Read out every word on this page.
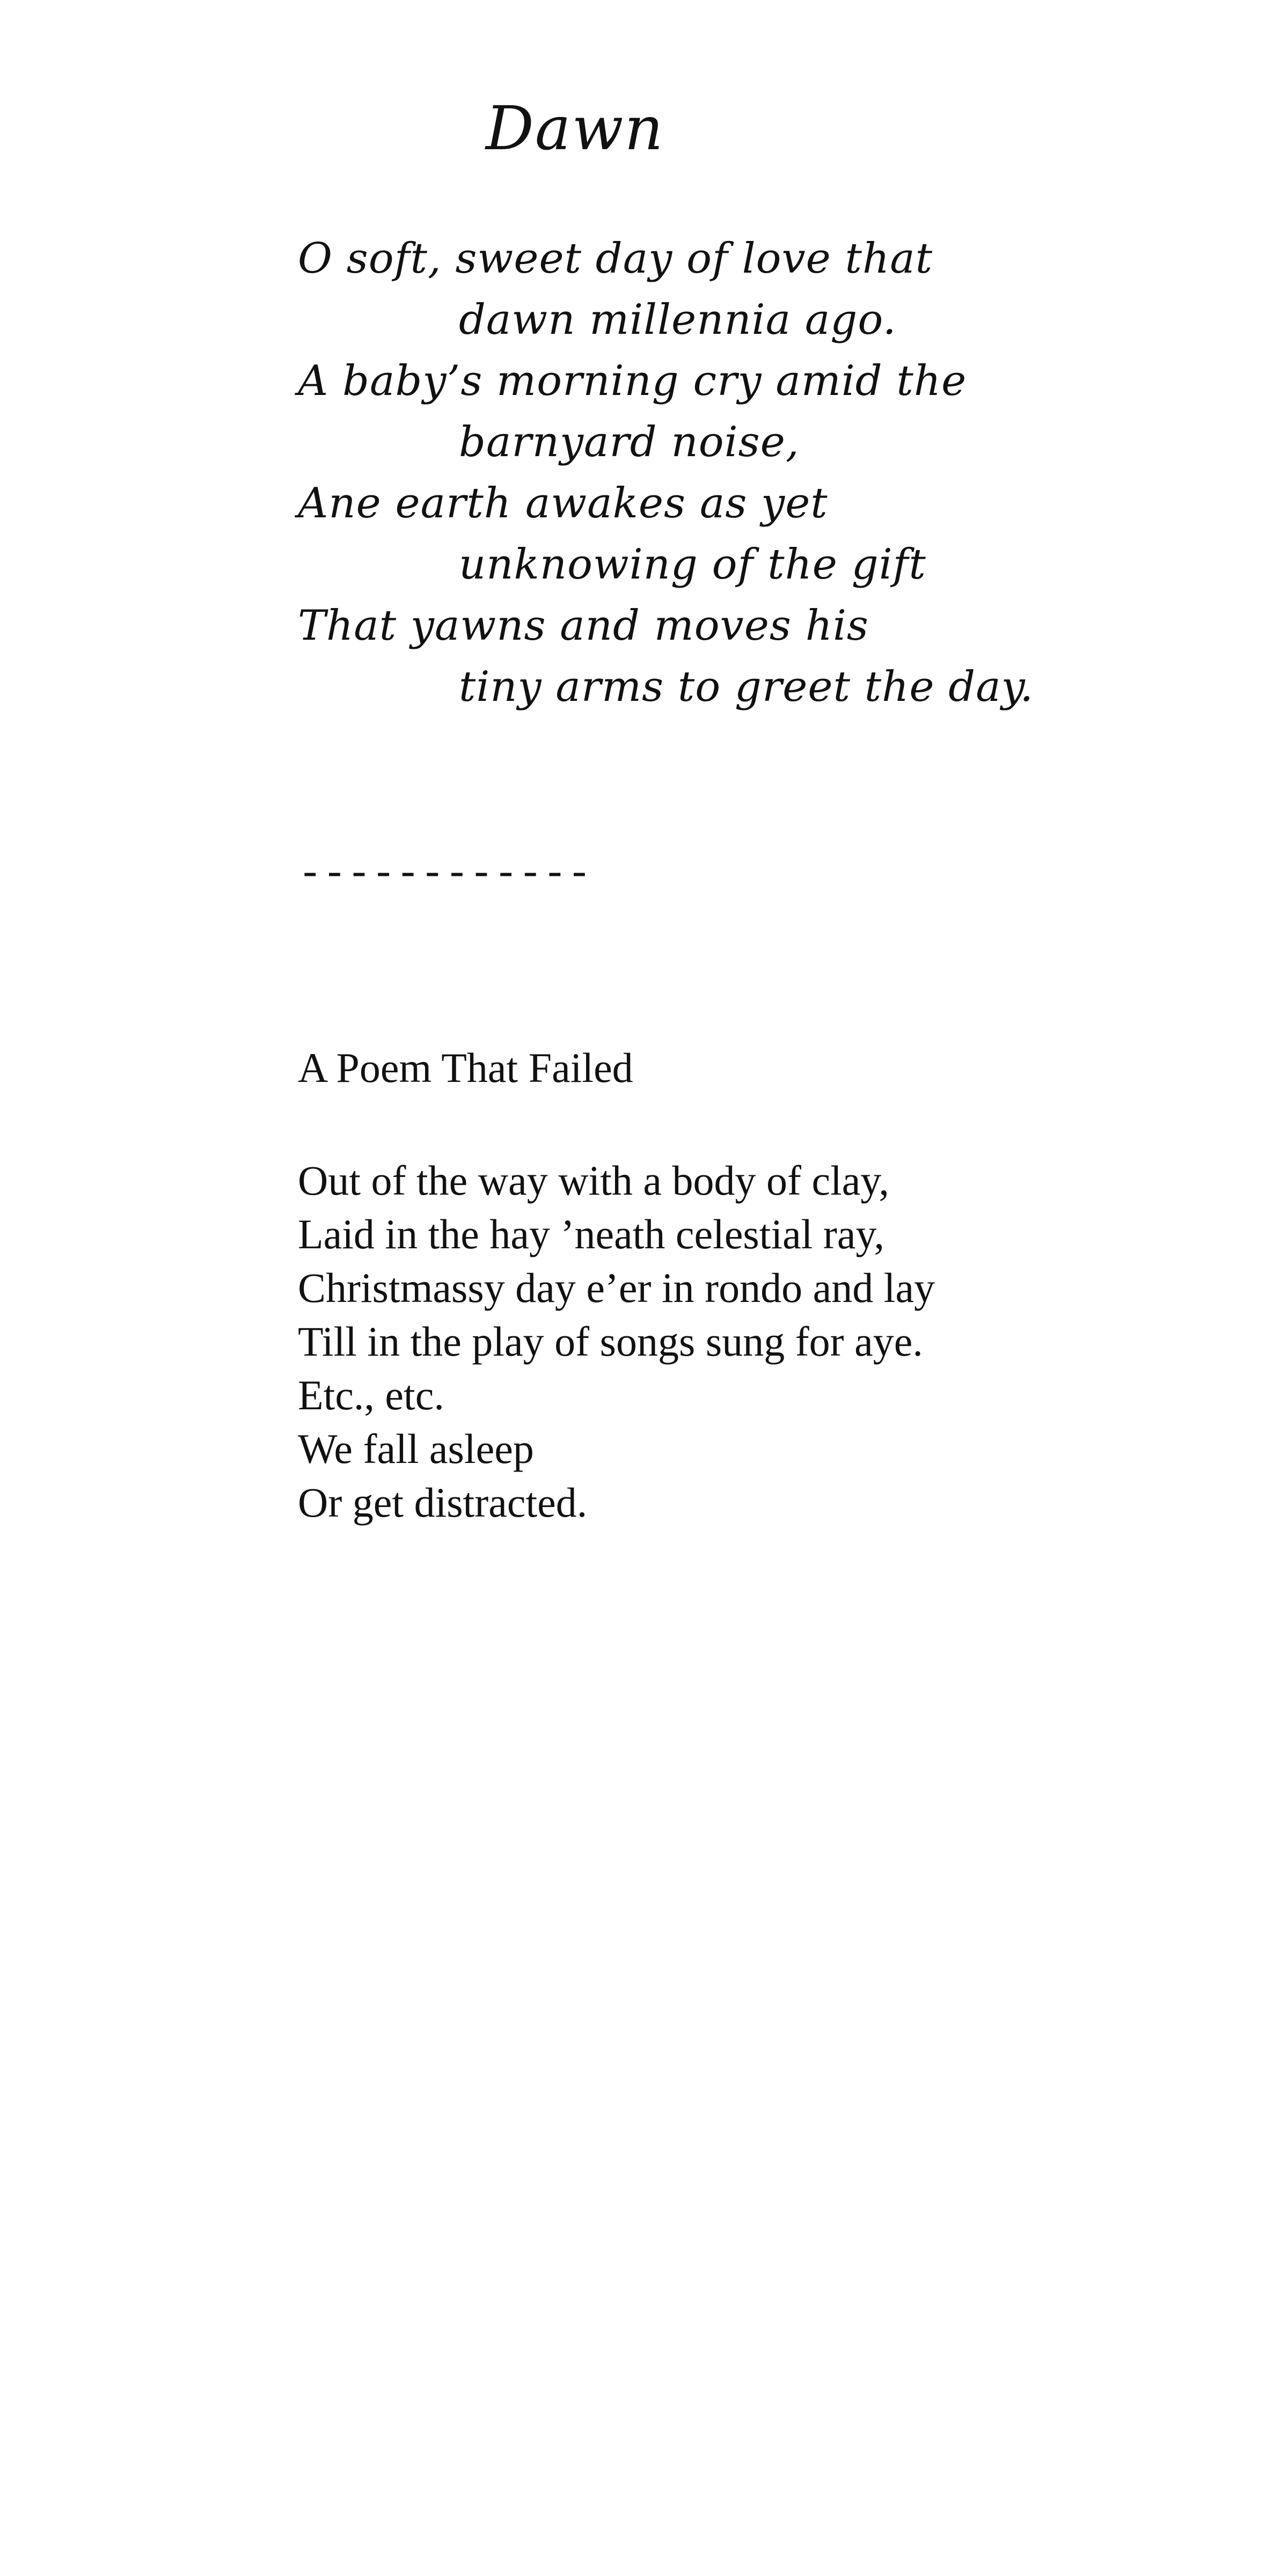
Dawn
O soft, sweet day of love that
dawn millennia ago.
A baby’s morning cry amid the
barnyard noise,
Ane earth awakes as yet
unknowing of the gift
That yawns and moves his
tiny arms to greet the day.
------------
A Poem That Failed
Out of the way with a body of clay,
Laid in the hay ’neath celestial ray,
Christmassy day e’er in rondo and lay
Till in the play of songs sung for aye.
Etc., etc.
We fall asleep
Or get distracted.
